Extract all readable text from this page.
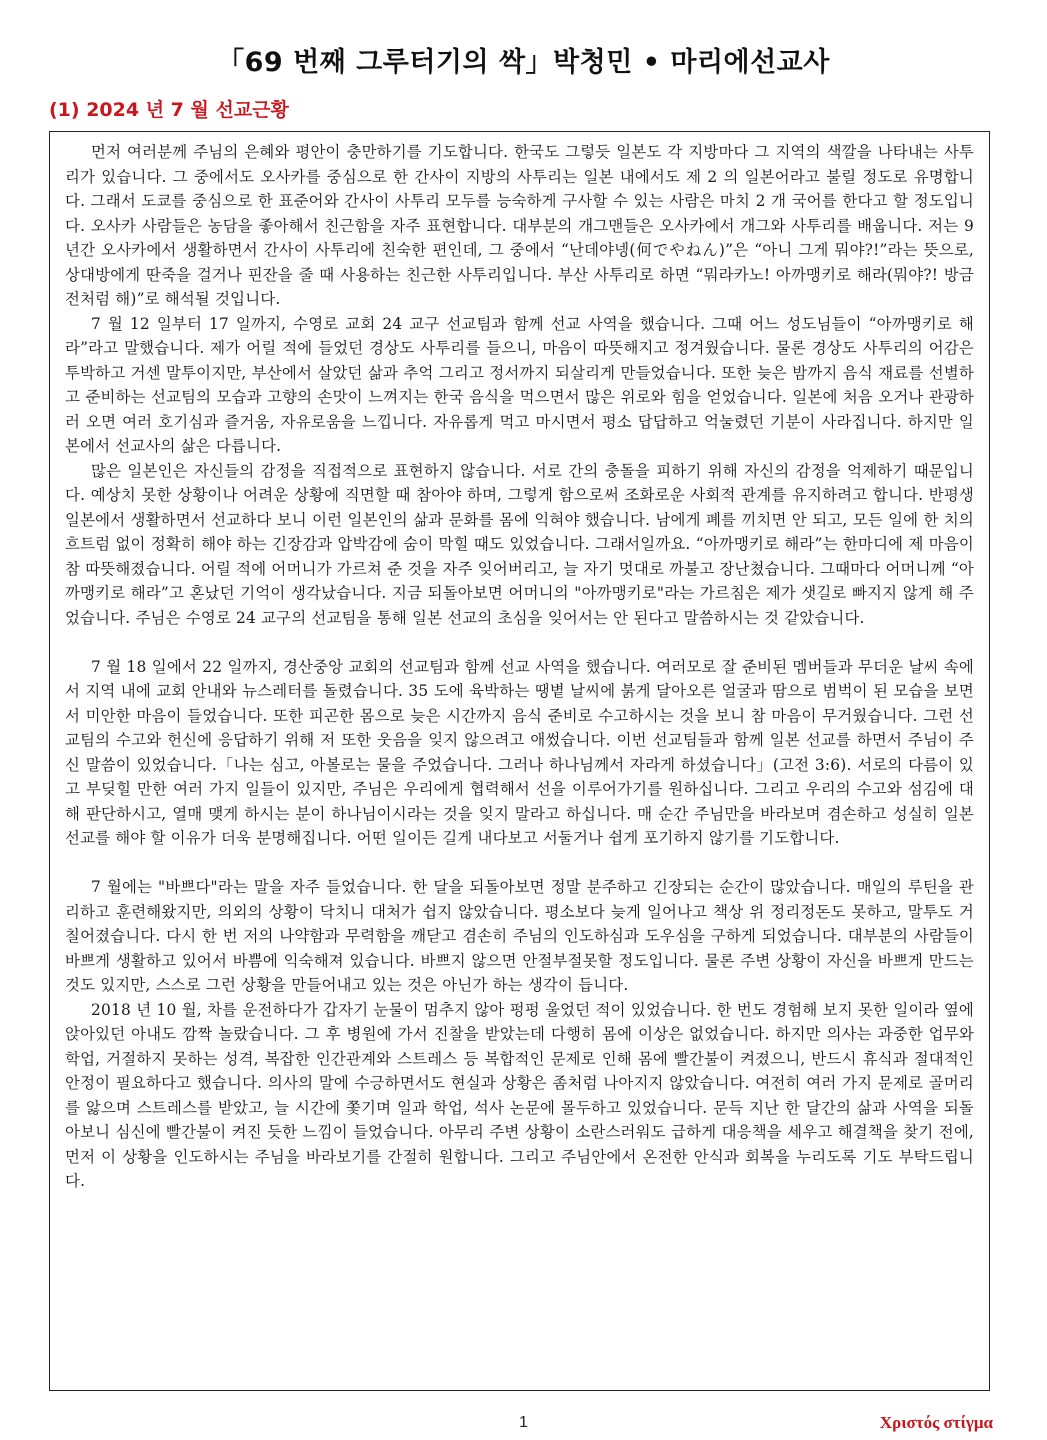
「69 번째 그루터기의 싹」박청민 • 마리에선교사
(1) 2024 년 7 월 선교근황

먼저 여러분께 주님의 은혜와 평안이 충만하기를 기도합니다. 한국도 그렇듯 일본도 각 지방마다 그 지역의 색깔을 나타내는 사투리가 있습니다. 그 중에서도 오사카를 중심으로 한 간사이 지방의 사투리는 일본 내에서도 제 2 의 일본어라고 불릴 정도로 유명합니다. 그래서 도쿄를 중심으로 한 표준어와 간사이 사투리 모두를 능숙하게 구사할 수 있는 사람은 마치 2 개 국어를 한다고 할 정도입니다. 오사카 사람들은 농담을 좋아해서 친근함을 자주 표현합니다. 대부분의 개그맨들은 오사카에서 개그와 사투리를 배웁니다. 저는 9 년간 오사카에서 생활하면서 간사이 사투리에 친숙한 편인데, 그 중에서 “난데야넹(何でやねん)”은 “아니 그게 뭐야?!”라는 뜻으로, 상대방에게 딴죽을 걸거나 핀잔을 줄 때 사용하는 친근한 사투리입니다. 부산 사투리로 하면 “뭐라카노! 아까맹키로 해라(뭐야?! 방금 전처럼 해)”로 해석될 것입니다.

7 월 12 일부터 17 일까지, 수영로 교회 24 교구 선교팀과 함께 선교 사역을 했습니다. 그때 어느 성도님들이 “아까맹키로 해라”라고 말했습니다. 제가 어릴 적에 들었던 경상도 사투리를 들으니, 마음이 따뜻해지고 정겨웠습니다. 물론 경상도 사투리의 어감은 투박하고 거센 말투이지만, 부산에서 살았던 삶과 추억 그리고 정서까지 되살리게 만들었습니다. 또한 늦은 밤까지 음식 재료를 선별하고 준비하는 선교팀의 모습과 고향의 손맛이 느껴지는 한국 음식을 먹으면서 많은 위로와 힘을 얻었습니다. 일본에 처음 오거나 관광하러 오면 여러 호기심과 즐거움, 자유로움을 느낍니다. 자유롭게 먹고 마시면서 평소 답답하고 억눌렸던 기분이 사라집니다. 하지만 일본에서 선교사의 삶은 다릅니다.

많은 일본인은 자신들의 감정을 직접적으로 표현하지 않습니다. 서로 간의 충돌을 피하기 위해 자신의 감정을 억제하기 때문입니다. 예상치 못한 상황이나 어려운 상황에 직면할 때 참아야 하며, 그렇게 함으로써 조화로운 사회적 관계를 유지하려고 합니다. 반평생 일본에서 생활하면서 선교하다 보니 이런 일본인의 삶과 문화를 몸에 익혀야 했습니다. 남에게 폐를 끼치면 안 되고, 모든 일에 한 치의 흐트럼 없이 정확히 해야 하는 긴장감과 압박감에 숨이 막힐 때도 있었습니다. 그래서일까요. “아까맹키로 해라”는 한마디에 제 마음이 참 따뜻해졌습니다. 어릴 적에 어머니가 가르쳐 준 것을 자주 잊어버리고, 늘 자기 멋대로 까불고 장난쳤습니다. 그때마다 어머니께 “아까맹키로 해라”고 혼났던 기억이 생각났습니다. 지금 되돌아보면 어머니의 "아까맹키로"라는 가르침은 제가 샛길로 빠지지 않게 해 주었습니다. 주님은 수영로 24 교구의 선교팀을 통해 일본 선교의 초심을 잊어서는 안 된다고 말씀하시는 것 같았습니다.

7 월 18 일에서 22 일까지, 경산중앙 교회의 선교팀과 함께 선교 사역을 했습니다. 여러모로 잘 준비된 멤버들과 무더운 날씨 속에서 지역 내에 교회 안내와 뉴스레터를 돌렸습니다. 35 도에 육박하는 땡볕 날씨에 붉게 달아오른 얼굴과 땀으로 범벅이 된 모습을 보면서 미안한 마음이 들었습니다. 또한 피곤한 몸으로 늦은 시간까지 음식 준비로 수고하시는 것을 보니 참 마음이 무거웠습니다. 그런 선교팀의 수고와 헌신에 응답하기 위해 저 또한 웃음을 잊지 않으려고 애썼습니다. 이번 선교팀들과 함께 일본 선교를 하면서 주님이 주신 말씀이 있었습니다.「나는 심고, 아볼로는 물을 주었습니다. 그러나 하나님께서 자라게 하셨습니다」(고전 3:6). 서로의 다름이 있고 부딪힐 만한 여러 가지 일들이 있지만, 주님은 우리에게 협력해서 선을 이루어가기를 원하십니다. 그리고 우리의 수고와 섬김에 대해 판단하시고, 열매 맺게 하시는 분이 하나님이시라는 것을 잊지 말라고 하십니다. 매 순간 주님만을 바라보며 겸손하고 성실히 일본 선교를 해야 할 이유가 더욱 분명해집니다. 어떤 일이든 길게 내다보고 서둘거나 쉽게 포기하지 않기를 기도합니다.

7 월에는 "바쁘다"라는 말을 자주 들었습니다. 한 달을 되돌아보면 정말 분주하고 긴장되는 순간이 많았습니다. 매일의 루틴을 관리하고 훈련해왔지만, 의외의 상황이 닥치니 대처가 쉽지 않았습니다. 평소보다 늦게 일어나고 책상 위 정리정돈도 못하고, 말투도 거칠어졌습니다. 다시 한 번 저의 나약함과 무력함을 깨닫고 겸손히 주님의 인도하심과 도우심을 구하게 되었습니다. 대부분의 사람들이 바쁘게 생활하고 있어서 바쁨에 익숙해져 있습니다. 바쁘지 않으면 안절부절못할 정도입니다. 물론 주변 상황이 자신을 바쁘게 만드는 것도 있지만, 스스로 그런 상황을 만들어내고 있는 것은 아닌가 하는 생각이 듭니다.

2018 년 10 월, 차를 운전하다가 갑자기 눈물이 멈추지 않아 펑펑 울었던 적이 있었습니다. 한 번도 경험해 보지 못한 일이라 옆에 앉아있던 아내도 깜짝 놀랐습니다. 그 후 병원에 가서 진찰을 받았는데 다행히 몸에 이상은 없었습니다. 하지만 의사는 과중한 업무와 학업, 거절하지 못하는 성격, 복잡한 인간관계와 스트레스 등 복합적인 문제로 인해 몸에 빨간불이 켜졌으니, 반드시 휴식과 절대적인 안정이 필요하다고 했습니다. 의사의 말에 수긍하면서도 현실과 상황은 좀처럼 나아지지 않았습니다. 여전히 여러 가지 문제로 골머리를 앓으며 스트레스를 받았고, 늘 시간에 쫓기며 일과 학업, 석사 논문에 몰두하고 있었습니다. 문득 지난 한 달간의 삶과 사역을 되돌아보니 심신에 빨간불이 켜진 듯한 느낌이 들었습니다. 아무리 주변 상황이 소란스러워도 급하게 대응책을 세우고 해결책을 찾기 전에, 먼저 이 상황을 인도하시는 주님을 바라보기를 간절히 원합니다. 그리고 주님안에서 온전한 안식과 회복을 누리도록 기도 부탁드립니다.

1	Χριστός στίγμα
